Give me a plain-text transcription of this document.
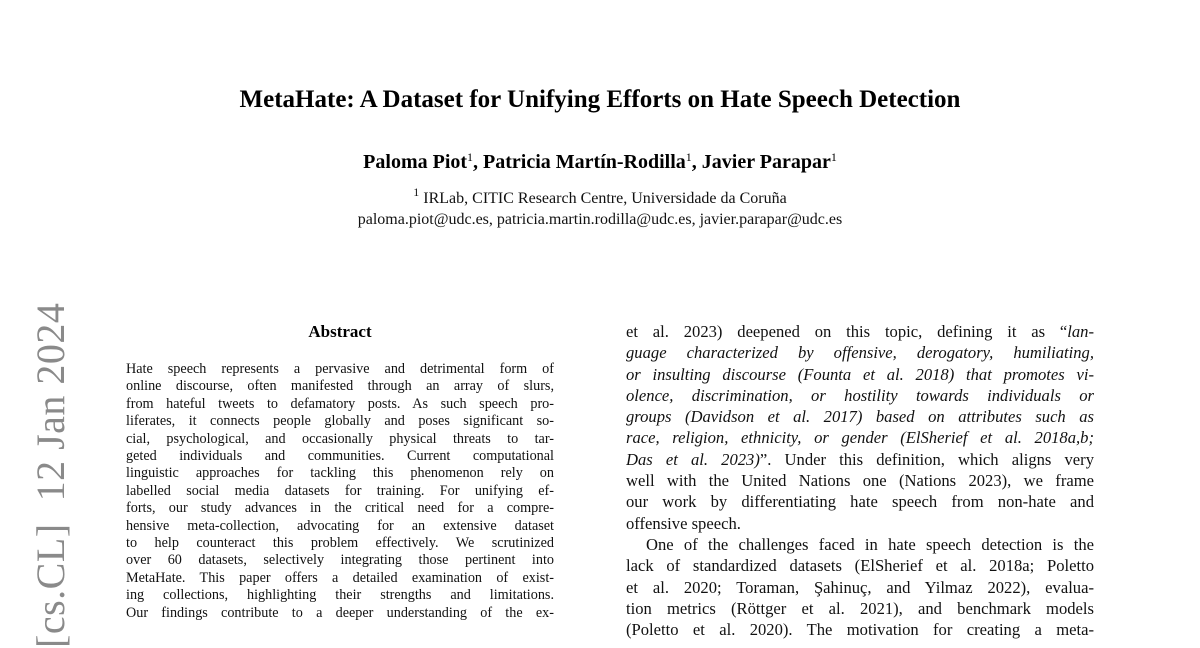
[cs.CL]12 Jan 2024
MetaHate: A Dataset for Unifying Efforts on Hate Speech Detection
Paloma Piot$^1$, Patricia Martín-Rodilla$^1$, Javier Parapar$^1$
$^1$ IRLab, CITIC Research Centre, Universidade da Coruña
paloma.piot@udc.es, patricia.martin.rodilla@udc.es, javier.parapar@udc.es
Abstract
Hate speech represents a pervasive and detrimental form of
online discourse, often manifested through an array of slurs,
from hateful tweets to defamatory posts. As such speech pro-
liferates, it connects people globally and poses significant so-
cial, psychological, and occasionally physical threats to tar-
geted individuals and communities. Current computational
linguistic approaches for tackling this phenomenon rely on
labelled social media datasets for training. For unifying ef-
forts, our study advances in the critical need for a compre-
hensive meta-collection, advocating for an extensive dataset
to help counteract this problem effectively. We scrutinized
over 60 datasets, selectively integrating those pertinent into
MetaHate. This paper offers a detailed examination of exist-
ing collections, highlighting their strengths and limitations.
Our findings contribute to a deeper understanding of the ex-
et al. 2023) deepened on this topic, defining it as “lan-
guage characterized by offensive, derogatory, humiliating,
or insulting discourse (Founta et al. 2018) that promotes vi-
olence, discrimination, or hostility towards individuals or
groups (Davidson et al. 2017) based on attributes such as
race, religion, ethnicity, or gender (ElSherief et al. 2018a,b;
Das et al. 2023)”. Under this definition, which aligns very
well with the United Nations one (Nations 2023), we frame
our work by differentiating hate speech from non-hate and
offensive speech.
One of the challenges faced in hate speech detection is the
lack of standardized datasets (ElSherief et al. 2018a; Poletto
et al. 2020; Toraman, Şahinuç, and Yilmaz 2022), evalua-
tion metrics (Röttger et al. 2021), and benchmark models
(Poletto et al. 2020). The motivation for creating a meta-
